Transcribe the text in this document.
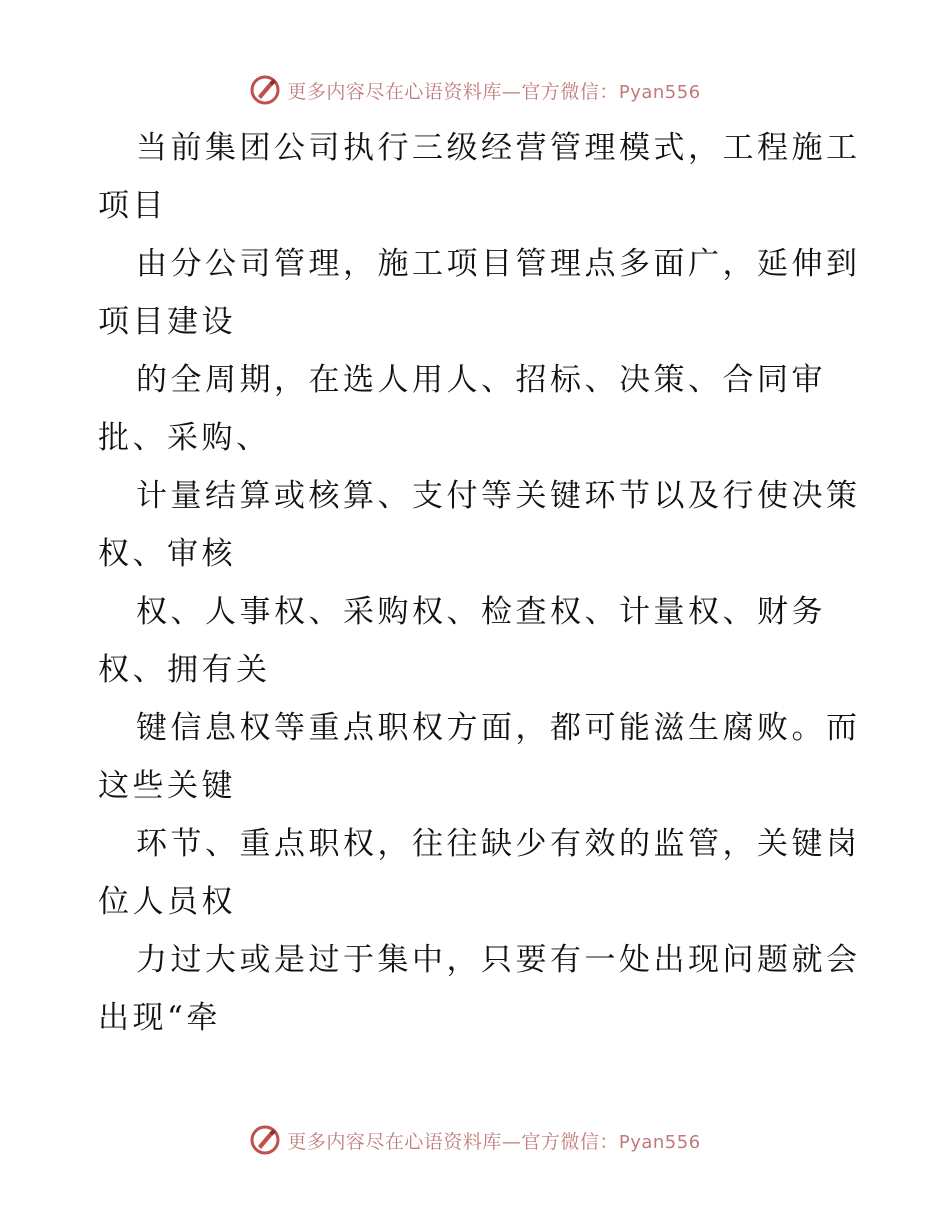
更多内容尽在心语资料库—官方微信：Pyan556
当前集团公司执行三级经营管理模式，工程施工
项目
由分公司管理，施工项目管理点多面广，延伸到
项目建设
的全周期，在选人用人、招标、决策、合同审
批、采购、
计量结算或核算、支付等关键环节以及行使决策
权、审核
权、人事权、采购权、检查权、计量权、财务
权、拥有关
键信息权等重点职权方面，都可能滋生腐败。而
这些关键
环节、重点职权，往往缺少有效的监管，关键岗
位人员权
力过大或是过于集中，只要有一处出现问题就会
出现“牵
更多内容尽在心语资料库—官方微信：Pyan556
